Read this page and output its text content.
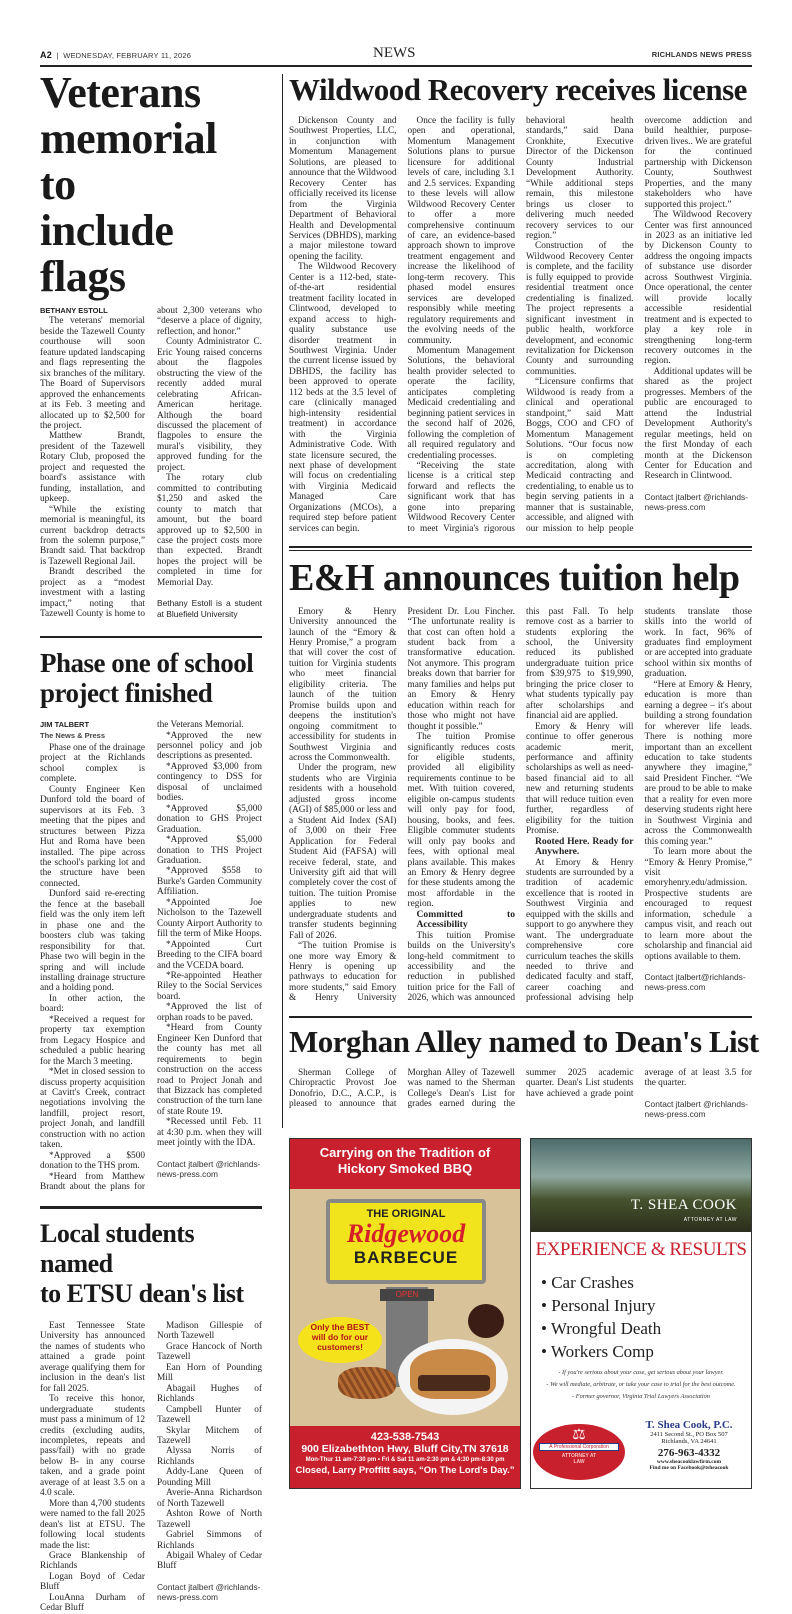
A2  |  WEDNESDAY, FEBRUARY 11, 2026	NEWS	RICHLANDS NEWS PRESS
Veterans
memorial to
include flags
BETHANY ESTOLL

The veterans' memorial beside the Tazewell County courthouse will soon feature updated landscaping and flags representing the six branches of the military. The Board of Supervisors approved the enhancements at its Feb. 3 meeting and allocated up to $2,500 for the project.

Matthew Brandt, president of the Tazewell Rotary Club, proposed the project and requested the board's assistance with funding, installation, and upkeep.

“While the existing memorial is meaningful, its current backdrop detracts from the solemn purpose,” Brandt said. That backdrop is Tazewell Regional Jail.

Brandt described the project as a “modest investment with a lasting impact,” noting that Tazewell County is home to about 2,300 veterans who “deserve a place of dignity, reflection, and honor.”

County Administrator C. Eric Young raised concerns about the flagpoles obstructing the view of the recently added mural celebrating African-American heritage. Although the board discussed the placement of flagpoles to ensure the mural's visibility, they approved funding for the project.

The rotary club committed to contributing $1,250 and asked the county to match that amount, but the board approved up to $2,500 in case the project costs more than expected. Brandt hopes the project will be completed in time for Memorial Day.

Bethany Estoll is a student at Bluefield University

Phase one of school
project finished
JIM TALBERT
The News & Press

Phase one of the drainage project at the Richlands school complex is complete.

County Engineer Ken Dunford told the board of supervisors at its Feb. 3 meeting that the pipes and structures between Pizza Hut and Roma have been installed. The pipe across the school's parking lot and the structure have been connected.

Dunford said re-erecting the fence at the baseball field was the only item left in phase one and the boosters club was taking responsibility for that. Phase two will begin in the spring and will include installing drainage structure and a holding pond.

In other action, the board:

*Received a request for property tax exemption from Legacy Hospice and scheduled a public hearing for the March 3 meeting.

*Met in closed session to discuss property acquisition at Cavitt's Creek, contract negotiations involving the landfill, project resort, project Jonah, and landfill construction with no action taken.

*Approved a $500 donation to the THS prom.

*Heard from Matthew Brandt about the plans for the Veterans Memorial.

*Approved the new personnel policy and job descriptions as presented.

*Approved $3,000 from contingency to DSS for disposal of unclaimed bodies.

*Approved $5,000 donation to GHS Project Graduation.

*Approved $5,000 donation to THS Project Graduation.

*Approved $558 to Burke's Garden Community Affiliation.

*Appointed Joe Nicholson to the Tazewell County Airport Authority to fill the term of Mike Hoops.

*Appointed Curt Breeding to the CIFA board and the VCEDA board.

*Re-appointed Heather Riley to the Social Services board.

*Approved the list of orphan roads to be paved.

*Heard from County Engineer Ken Dunford that the county has met all requirements to begin construction on the access road to Project Jonah and that Bizzack has completed construction of the turn lane of state Route 19.

*Recessed until Feb. 11 at 4:30 p.m. when they will meet jointly with the IDA.

Contact jtalbert @richlands-news-press.com

Local students named
to ETSU dean's list

East Tennessee State University has announced the names of students who attained a grade point average qualifying them for inclusion in the dean's list for fall 2025.

To receive this honor, undergraduate students must pass a minimum of 12 credits (excluding audits, incompletes, repeats and pass/fail) with no grade below B- in any course taken, and a grade point average of at least 3.5 on a 4.0 scale.

More than 4,700 students were named to the fall 2025 dean's list at ETSU. The following local students made the list:

Grace Blankenship of Richlands

Logan Boyd of Cedar Bluff

LouAnna Durham of Cedar Bluff

Madison Gillespie of North Tazewell

Grace Hancock of North Tazewell

Ean Horn of Pounding Mill

Abagail Hughes of Richlands

Campbell Hunter of Tazewell

Skylar Mitchem of Tazewell

Alyssa Norris of Richlands

Addy-Lane Queen of Pounding Mill

Averie-Anna Richardson of North Tazewell

Ashton Rowe of North Tazewell

Gabriel Simmons of Richlands

Abigail Whaley of Cedar Bluff

Contact jtalbert @richlands-news-press.com

Wildwood Recovery receives license

Dickenson County and Southwest Properties, LLC, in conjunction with Momentum Management Solutions, are pleased to announce that the Wildwood Recovery Center has officially received its license from the Virginia Department of Behavioral Health and Developmental Services (DBHDS), marking a major milestone toward opening the facility.

The Wildwood Recovery Center is a 112-bed, state-of-the-art residential treatment facility located in Clintwood, developed to expand access to high-quality substance use disorder treatment in Southwest Virginia. Under the current license issued by DBHDS, the facility has been approved to operate 112 beds at the 3.5 level of care (clinically managed high-intensity residential treatment) in accordance with the Virginia Administrative Code. With state licensure secured, the next phase of development will focus on credentialing with Virginia Medicaid Managed Care Organizations (MCOs), a required step before patient services can begin.

Once the facility is fully open and operational, Momentum Management Solutions plans to pursue licensure for additional levels of care, including 3.1 and 2.5 services. Expanding to these levels will allow Wildwood Recovery Center to offer a more comprehensive continuum of care, an evidence-based approach shown to improve treatment engagement and increase the likelihood of long-term recovery. This phased model ensures services are developed responsibly while meeting regulatory requirements and the evolving needs of the community.

Momentum Management Solutions, the behavioral health provider selected to operate the facility, anticipates completing Medicaid credentialing and beginning patient services in the second half of 2026, following the completion of all required regulatory and credentialing processes.

“Receiving the state license is a critical step forward and reflects the significant work that has gone into preparing Wildwood Recovery Center to meet Virginia's rigorous behavioral health standards,” said Dana Cronkhite, Executive Director of the Dickenson County Industrial Development Authority. “While additional steps remain, this milestone brings us closer to delivering much needed recovery services to our region.”

Construction of the Wildwood Recovery Center is complete, and the facility is fully equipped to provide residential treatment once credentialing is finalized. The project represents a significant investment in public health, workforce development, and economic revitalization for Dickenson County and surrounding communities.

“Licensure confirms that Wildwood is ready from a clinical and operational standpoint,” said Matt Boggs, COO and CFO of Momentum Management Solutions. “Our focus now is on completing accreditation, along with Medicaid contracting and credentialing, to enable us to begin serving patients in a manner that is sustainable, accessible, and aligned with our mission to help people overcome addiction and build healthier, purpose-driven lives.. We are grateful for the continued partnership with Dickenson County, Southwest Properties, and the many stakeholders who have supported this project.”

The Wildwood Recovery Center was first announced in 2023 as an initiative led by Dickenson County to address the ongoing impacts of substance use disorder across Southwest Virginia. Once operational, the center will provide locally accessible residential treatment and is expected to play a key role in strengthening long-term recovery outcomes in the region.

Additional updates will be shared as the project progresses. Members of the public are encouraged to attend the Industrial Development Authority's regular meetings, held on the first Monday of each month at the Dickenson Center for Education and Research in Clintwood.

Contact jtalbert @richlands-news-press.com

E&H announces tuition help

Emory & Henry University announced the launch of the “Emory & Henry Promise,” a program that will cover the cost of tuition for Virginia students who meet financial eligibility criteria. The launch of the tuition Promise builds upon and deepens the institution's ongoing commitment to accessibility for students in Southwest Virginia and across the Commonwealth.

Under the program, new students who are Virginia residents with a household adjusted gross income (AGI) of $85,000 or less and a Student Aid Index (SAI) of 3,000 on their Free Application for Federal Student Aid (FAFSA) will receive federal, state, and University gift aid that will completely cover the cost of tuition. The tuition Promise applies to new undergraduate students and transfer students beginning Fall of 2026.

“The tuition Promise is one more way Emory & Henry is opening up pathways to education for more students,” said Emory & Henry University President Dr. Lou Fincher. “The unfortunate reality is that cost can often hold a student back from a transformative education. Not anymore. This program breaks down that barrier for many families and helps put an Emory & Henry education within reach for those who might not have thought it possible.”

The tuition Promise significantly reduces costs for eligible students, provided all eligibility requirements continue to be met. With tuition covered, eligible on-campus students will only pay for food, housing, books, and fees. Eligible commuter students will only pay books and fees, with optional meal plans available. This makes an Emory & Henry degree for these students among the most affordable in the region.

Committed to Accessibility

This tuition Promise builds on the University's long-held commitment to accessibility and the reduction in published tuition price for the Fall of 2026, which was announced this past Fall. To help remove cost as a barrier to students exploring the school, the University reduced its published undergraduate tuition price from $39,975 to $19,990, bringing the price closer to what students typically pay after scholarships and financial aid are applied.

Emory & Henry will continue to offer generous academic merit, performance and affinity scholarships as well as need-based financial aid to all new and returning students that will reduce tuition even further, regardless of eligibility for the tuition Promise.

Rooted Here. Ready for Anywhere.

At Emory & Henry students are surrounded by a tradition of academic excellence that is rooted in Southwest Virginia and equipped with the skills and support to go anywhere they want. The undergraduate comprehensive core curriculum teaches the skills needed to thrive and dedicated faculty and staff, career coaching and professional advising help students translate those skills into the world of work. In fact, 96% of graduates find employment or are accepted into graduate school within six months of graduation.

“Here at Emory & Henry, education is more than earning a degree – it's about building a strong foundation for wherever life leads. There is nothing more important than an excellent education to take students anywhere they imagine,” said President Fincher. “We are proud to be able to make that a reality for even more deserving students right here in Southwest Virginia and across the Commonwealth this coming year.”

To learn more about the “Emory & Henry Promise,” visit emoryhenry.edu/admission. Prospective students are encouraged to request information, schedule a campus visit, and reach out to learn more about the scholarship and financial aid options available to them.

Contact jtalbert@richlands-news-press.com

Morghan Alley named to Dean's List

Sherman College of Chiropractic Provost Joe Donofrio, D.C., A.C.P., is pleased to announce that Morghan Alley of Tazewell was named to the Sherman College's Dean's List for grades earned during the summer 2025 academic quarter. Dean's List students have achieved a grade point average of at least 3.5 for the quarter.

Contact jtalbert @richlands-news-press.com

Carrying on the Tradition of Hickory Smoked BBQ
THE ORIGINAL
Ridgewood
BARBECUE
OPEN
Only the BEST will do for our customers!
423-538-7543
900 Elizabethton Hwy, Bluff City,TN 37618
Mon-Thur 11 am-7:30 pm • Fri & Sat 11 am-2:30 pm & 4:30 pm-8:30 pm
Closed, Larry Proffitt says, “On The Lord's Day.”
T. SHEA COOK
ATTORNEY AT LAW
EXPERIENCE & RESULTS
• Car Crashes
• Personal Injury
• Wrongful Death
• Workers Comp
- If you're serious about your case, get serious about your lawyer.
- We will mediate, arbitrate, or take your case to trial for the best outcome.
- Former governor, Virginia Trial Lawyers Association
⚖
A Professional Corporation
ATTORNEY AT LAW
T. Shea Cook, P.C.
2411 Second St., PO Box 507
Richlands, VA 24641
276-963-4332
www.sheacooklawfirm.com
Find me on Facebook@tsheacook
